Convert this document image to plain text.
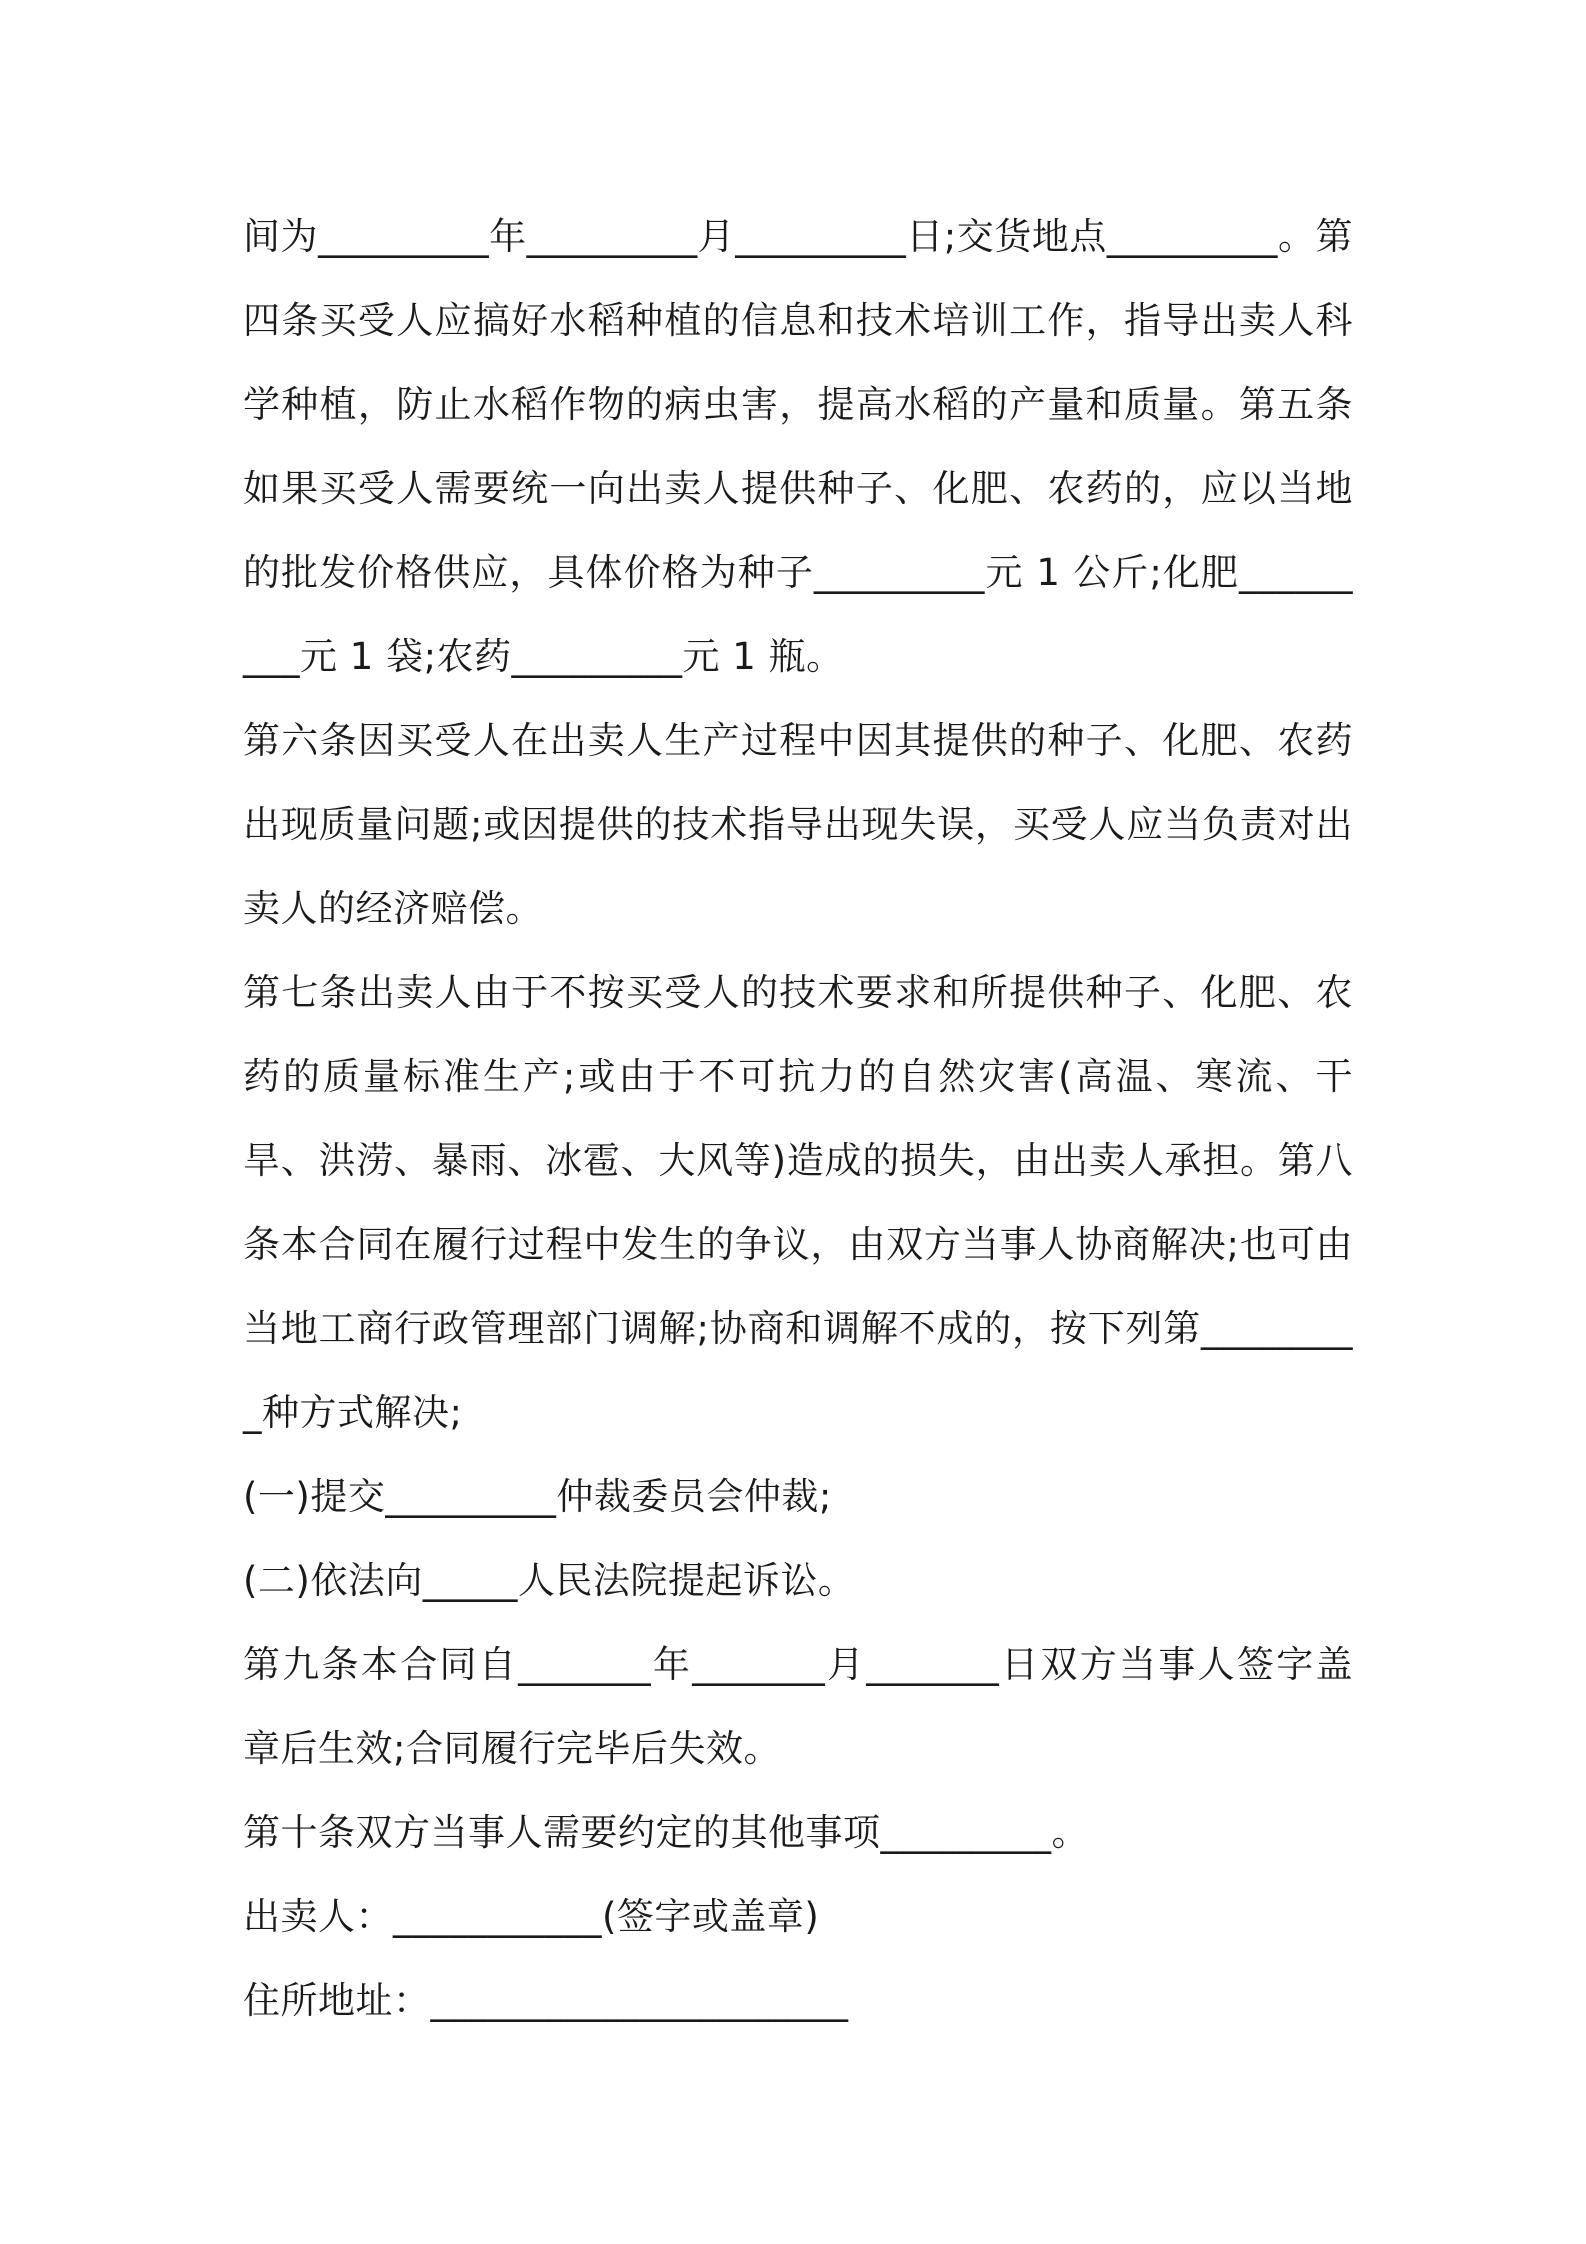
间为_________年_________月_________日;交货地点_________。第四条买受人应搞好水稻种植的信息和技术培训工作，指导出卖人科学种植，防止水稻作物的病虫害，提高水稻的产量和质量。第五条如果买受人需要统一向出卖人提供种子、化肥、农药的，应以当地的批发价格供应，具体价格为种子_________元 1 公斤;化肥_________元 1 袋;农药_________元 1 瓶。

第六条因买受人在出卖人生产过程中因其提供的种子、化肥、农药出现质量问题;或因提供的技术指导出现失误，买受人应当负责对出卖人的经济赔偿。

第七条出卖人由于不按买受人的技术要求和所提供种子、化肥、农药的质量标准生产;或由于不可抗力的自然灾害(高温、寒流、干旱、洪涝、暴雨、冰雹、大风等)造成的损失，由出卖人承担。第八条本合同在履行过程中发生的争议，由双方当事人协商解决;也可由当地工商行政管理部门调解;协商和调解不成的，按下列第_________种方式解决;

(一)提交_________仲裁委员会仲裁;

(二)依法向_____人民法院提起诉讼。

第九条本合同自_______年_______月_______日双方当事人签字盖章后生效;合同履行完毕后失效。

第十条双方当事人需要约定的其他事项_________。

出卖人：___________(签字或盖章)

住所地址：______________________
